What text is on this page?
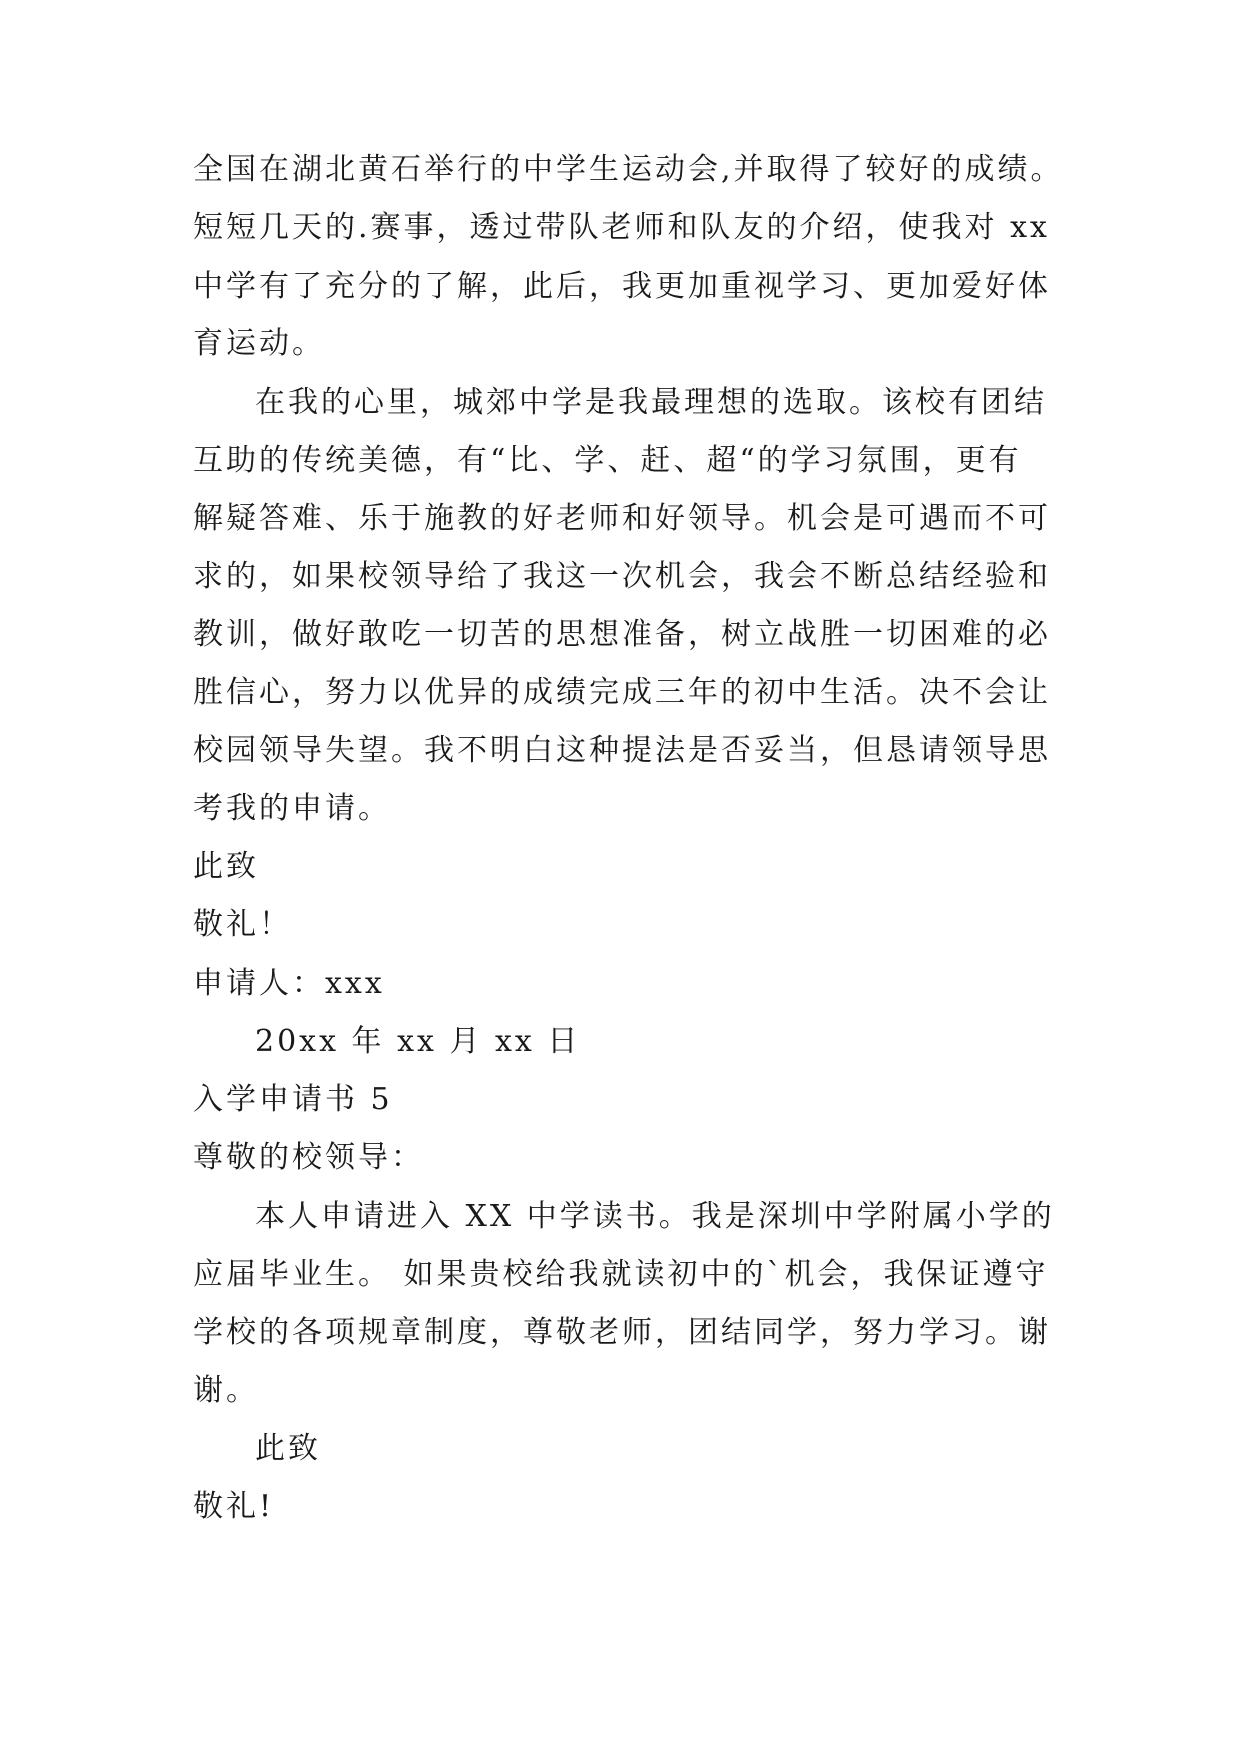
全国在湖北黄石举行的中学生运动会,并取得了较好的成绩。
短短几天的.赛事，透过带队老师和队友的介绍，使我对 xx
中学有了充分的了解，此后，我更加重视学习、更加爱好体
育运动。
在我的心里，城郊中学是我最理想的选取。该校有团结
互助的传统美德，有“比、学、赶、超“的学习氛围，更有
解疑答难、乐于施教的好老师和好领导。机会是可遇而不可
求的，如果校领导给了我这一次机会，我会不断总结经验和
教训，做好敢吃一切苦的思想准备，树立战胜一切困难的必
胜信心，努力以优异的成绩完成三年的初中生活。决不会让
校园领导失望。我不明白这种提法是否妥当，但恳请领导思
考我的申请。
此致
敬礼！
申请人：xxx
20xx 年 xx 月 xx 日
入学申请书 5
尊敬的校领导：
本人申请进入 XX 中学读书。我是深圳中学附属小学的
应届毕业生。 如果贵校给我就读初中的`机会，我保证遵守
学校的各项规章制度，尊敬老师，团结同学，努力学习。谢
谢。
此致
敬礼!
